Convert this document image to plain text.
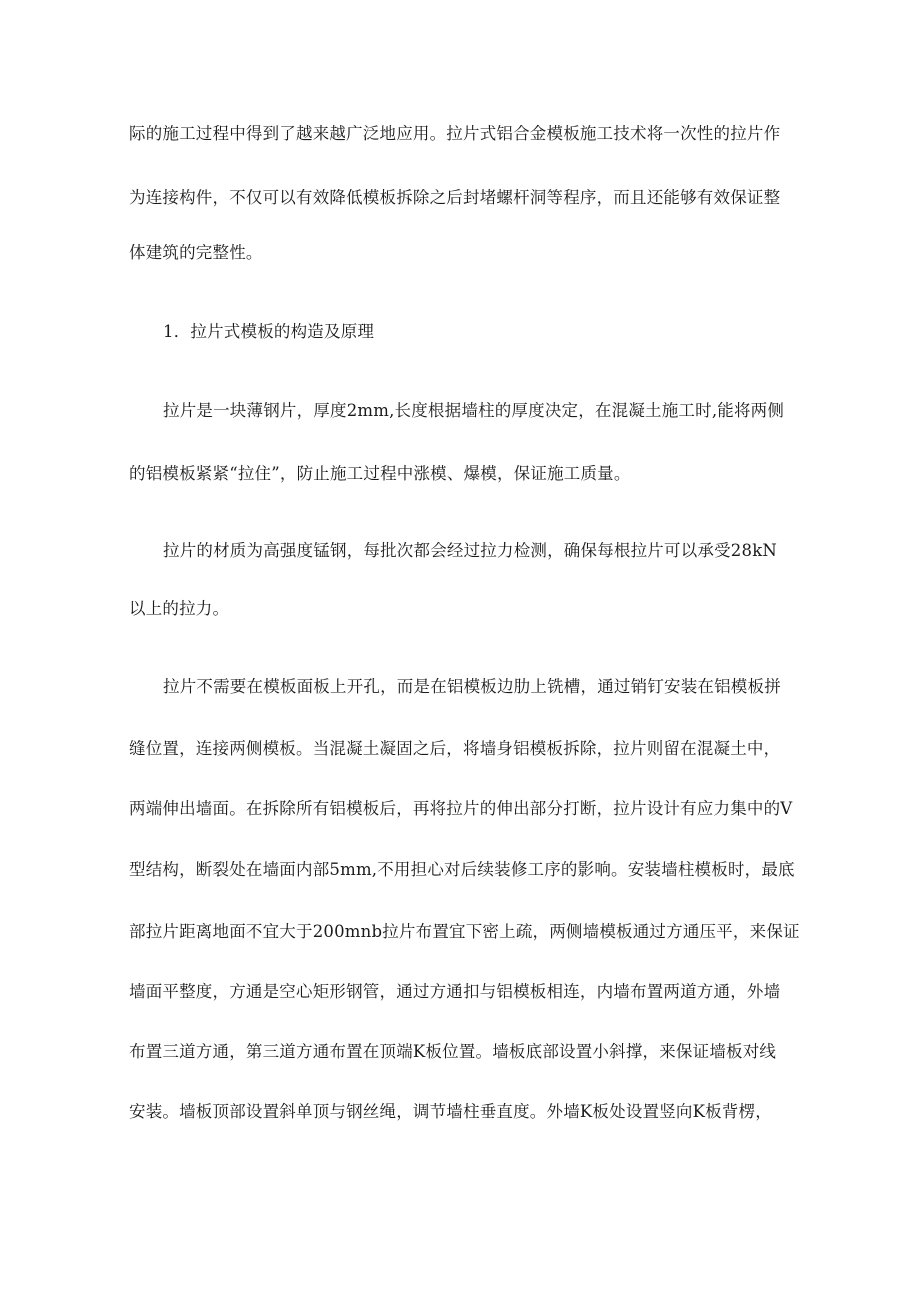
际的施工过程中得到了越来越广泛地应用。拉片式铝合金模板施工技术将一次性的拉片作
为连接构件，不仅可以有效降低模板拆除之后封堵螺杆洞等程序，而且还能够有效保证整
体建筑的完整性。
1．拉片式模板的构造及原理
拉片是一块薄钢片，厚度2mm,长度根据墙柱的厚度决定，在混凝土施工时,能将两侧
的铝模板紧紧“拉住”，防止施工过程中涨模、爆模，保证施工质量。
拉片的材质为高强度锰钢，每批次都会经过拉力检测，确保每根拉片可以承受28kN
以上的拉力。
拉片不需要在模板面板上开孔，而是在铝模板边肋上铣槽，通过销钉安装在铝模板拼
缝位置，连接两侧模板。当混凝土凝固之后，将墙身铝模板拆除，拉片则留在混凝土中，
两端伸出墙面。在拆除所有铝模板后，再将拉片的伸出部分打断，拉片设计有应力集中的V
型结构，断裂处在墙面内部5mm,不用担心对后续装修工序的影响。安装墙柱模板时，最底
部拉片距离地面不宜大于200mnb拉片布置宜下密上疏，两侧墙模板通过方通压平，来保证
墙面平整度，方通是空心矩形钢管，通过方通扣与铝模板相连，内墙布置两道方通，外墙
布置三道方通，第三道方通布置在顶端K板位置。墙板底部设置小斜撑，来保证墙板对线
安装。墙板顶部设置斜单顶与钢丝绳，调节墙柱垂直度。外墙K板处设置竖向K板背楞，
